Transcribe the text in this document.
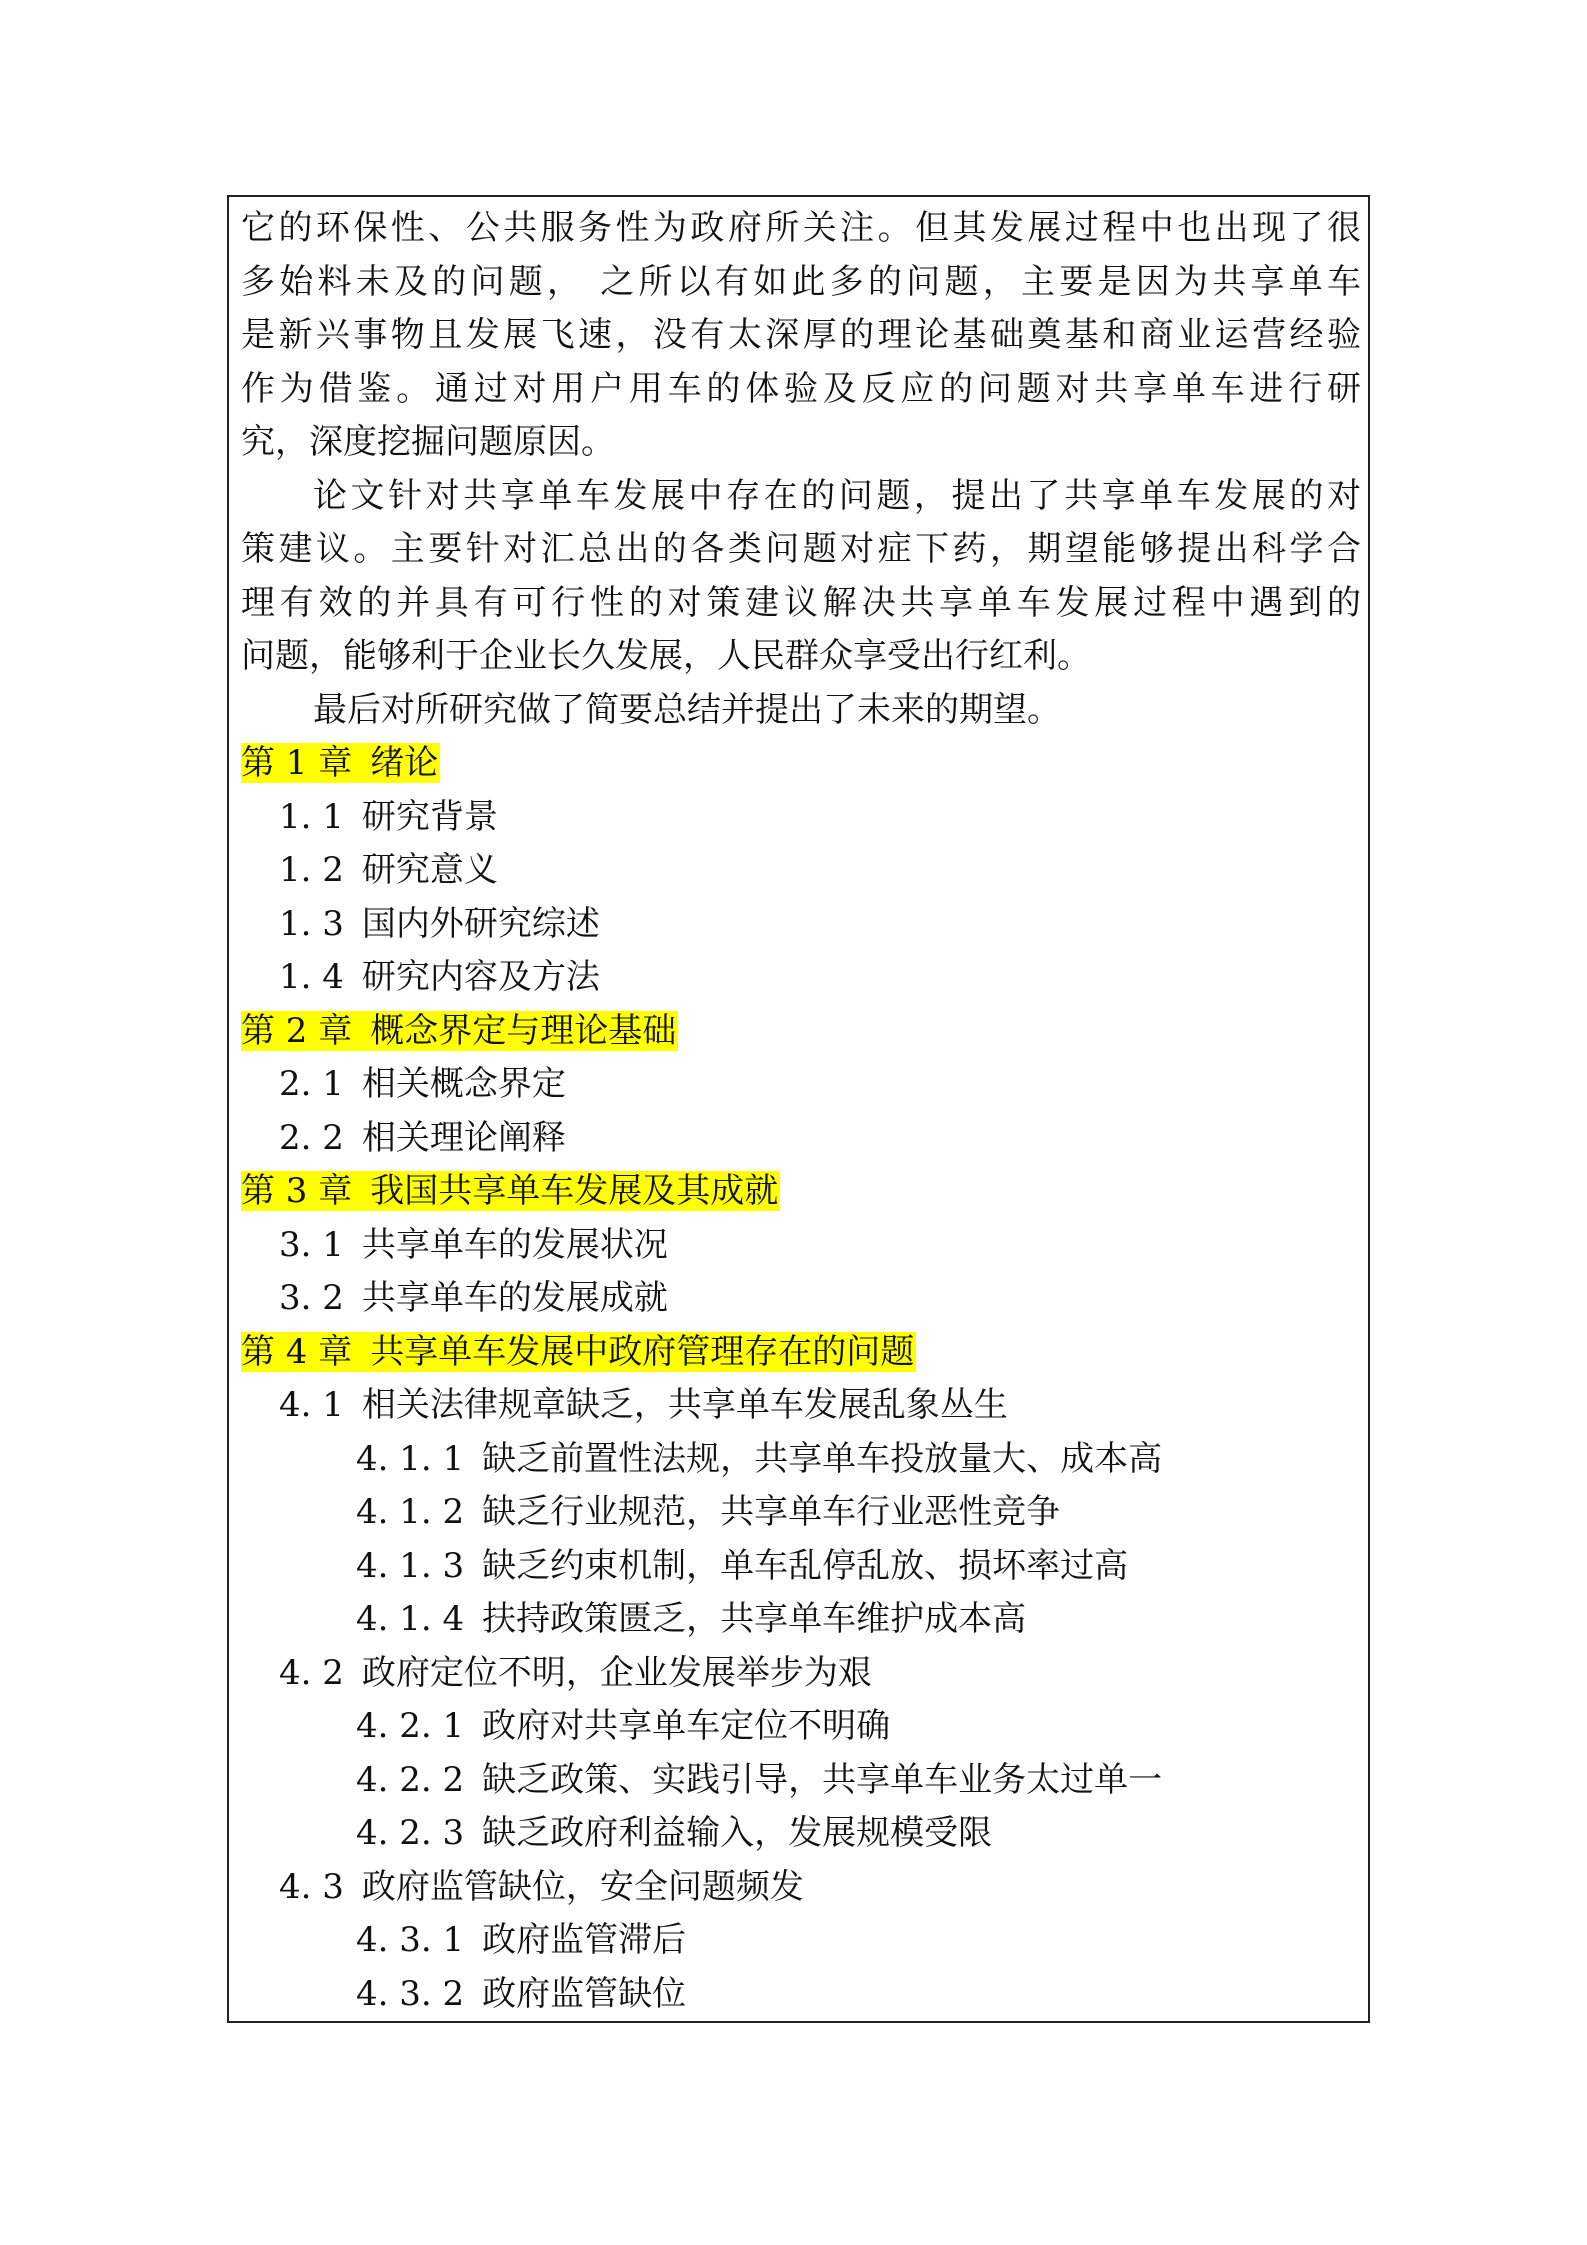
它的环保性、公共服务性为政府所关注。但其发展过程中也出现了很
多始料未及的问题， 之所以有如此多的问题，主要是因为共享单车
是新兴事物且发展飞速，没有太深厚的理论基础奠基和商业运营经验
作为借鉴。通过对用户用车的体验及反应的问题对共享单车进行研
究，深度挖掘问题原因。
论文针对共享单车发展中存在的问题，提出了共享单车发展的对
策建议。主要针对汇总出的各类问题对症下药，期望能够提出科学合
理有效的并具有可行性的对策建议解决共享单车发展过程中遇到的
问题，能够利于企业长久发展，人民群众享受出行红利。
最后对所研究做了简要总结并提出了未来的期望。
第 1 章 绪论
1. 1 研究背景
1. 2 研究意义
1. 3 国内外研究综述
1. 4 研究内容及方法
第 2 章 概念界定与理论基础
2. 1 相关概念界定
2. 2 相关理论阐释
第 3 章 我国共享单车发展及其成就
3. 1 共享单车的发展状况
3. 2 共享单车的发展成就
第 4 章 共享单车发展中政府管理存在的问题
4. 1 相关法律规章缺乏，共享单车发展乱象丛生
4. 1. 1 缺乏前置性法规，共享单车投放量大、成本高
4. 1. 2 缺乏行业规范，共享单车行业恶性竞争
4. 1. 3 缺乏约束机制，单车乱停乱放、损坏率过高
4. 1. 4 扶持政策匮乏，共享单车维护成本高
4. 2 政府定位不明，企业发展举步为艰
4. 2. 1 政府对共享单车定位不明确
4. 2. 2 缺乏政策、实践引导，共享单车业务太过单一
4. 2. 3 缺乏政府利益输入，发展规模受限
4. 3 政府监管缺位，安全问题频发
4. 3. 1 政府监管滞后
4. 3. 2 政府监管缺位
